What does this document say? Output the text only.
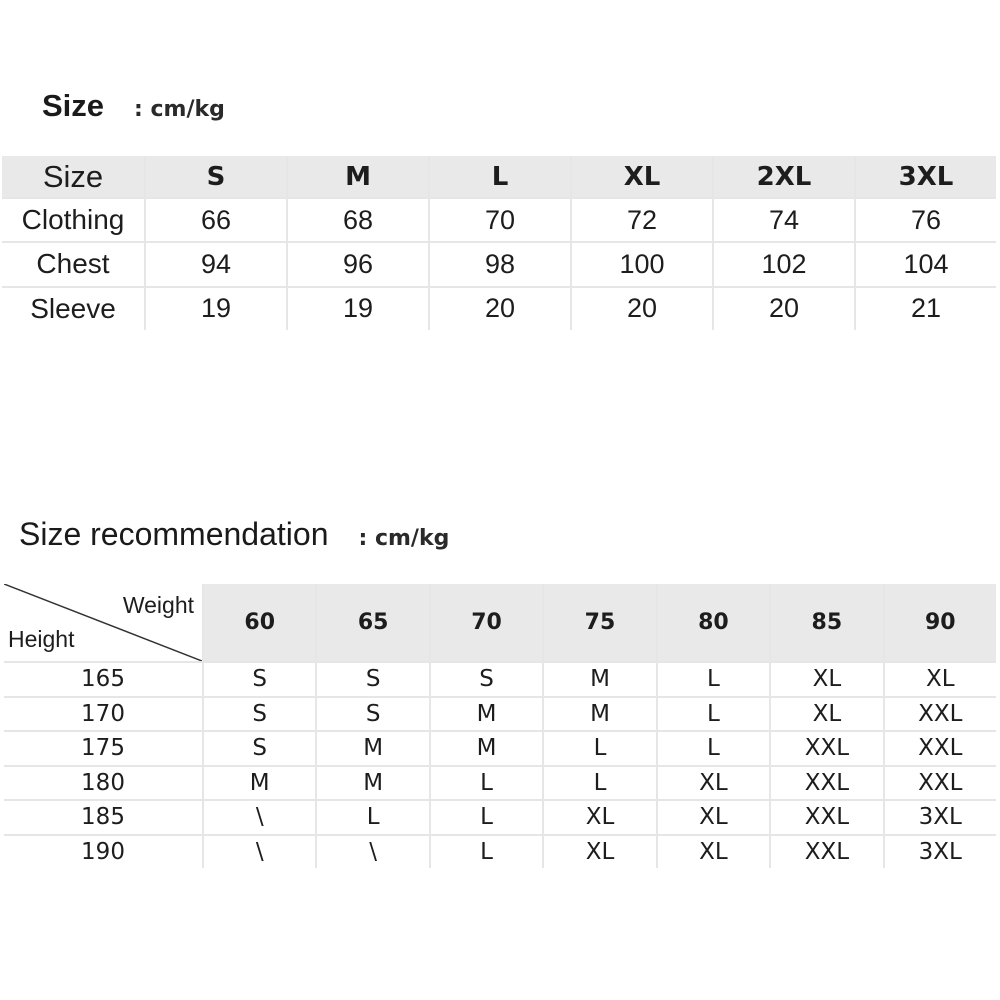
Size : cm/kg
Size	S	M	L	XL	2XL	3XL
Clothing	66	68	70	72	74	76
Chest	94	96	98	100	102	104
Sleeve	19	19	20	20	20	21
Size recommendation : cm/kg
Weight
Height
60	65	70	75	80	85	90
165	S	S	S	M	L	XL	XL
170	S	S	M	M	L	XL	XXL
175	S	M	M	L	L	XXL	XXL
180	M	M	L	L	XL	XXL	XXL
185	\	L	L	XL	XL	XXL	3XL
190	\	\	L	XL	XL	XXL	3XL
